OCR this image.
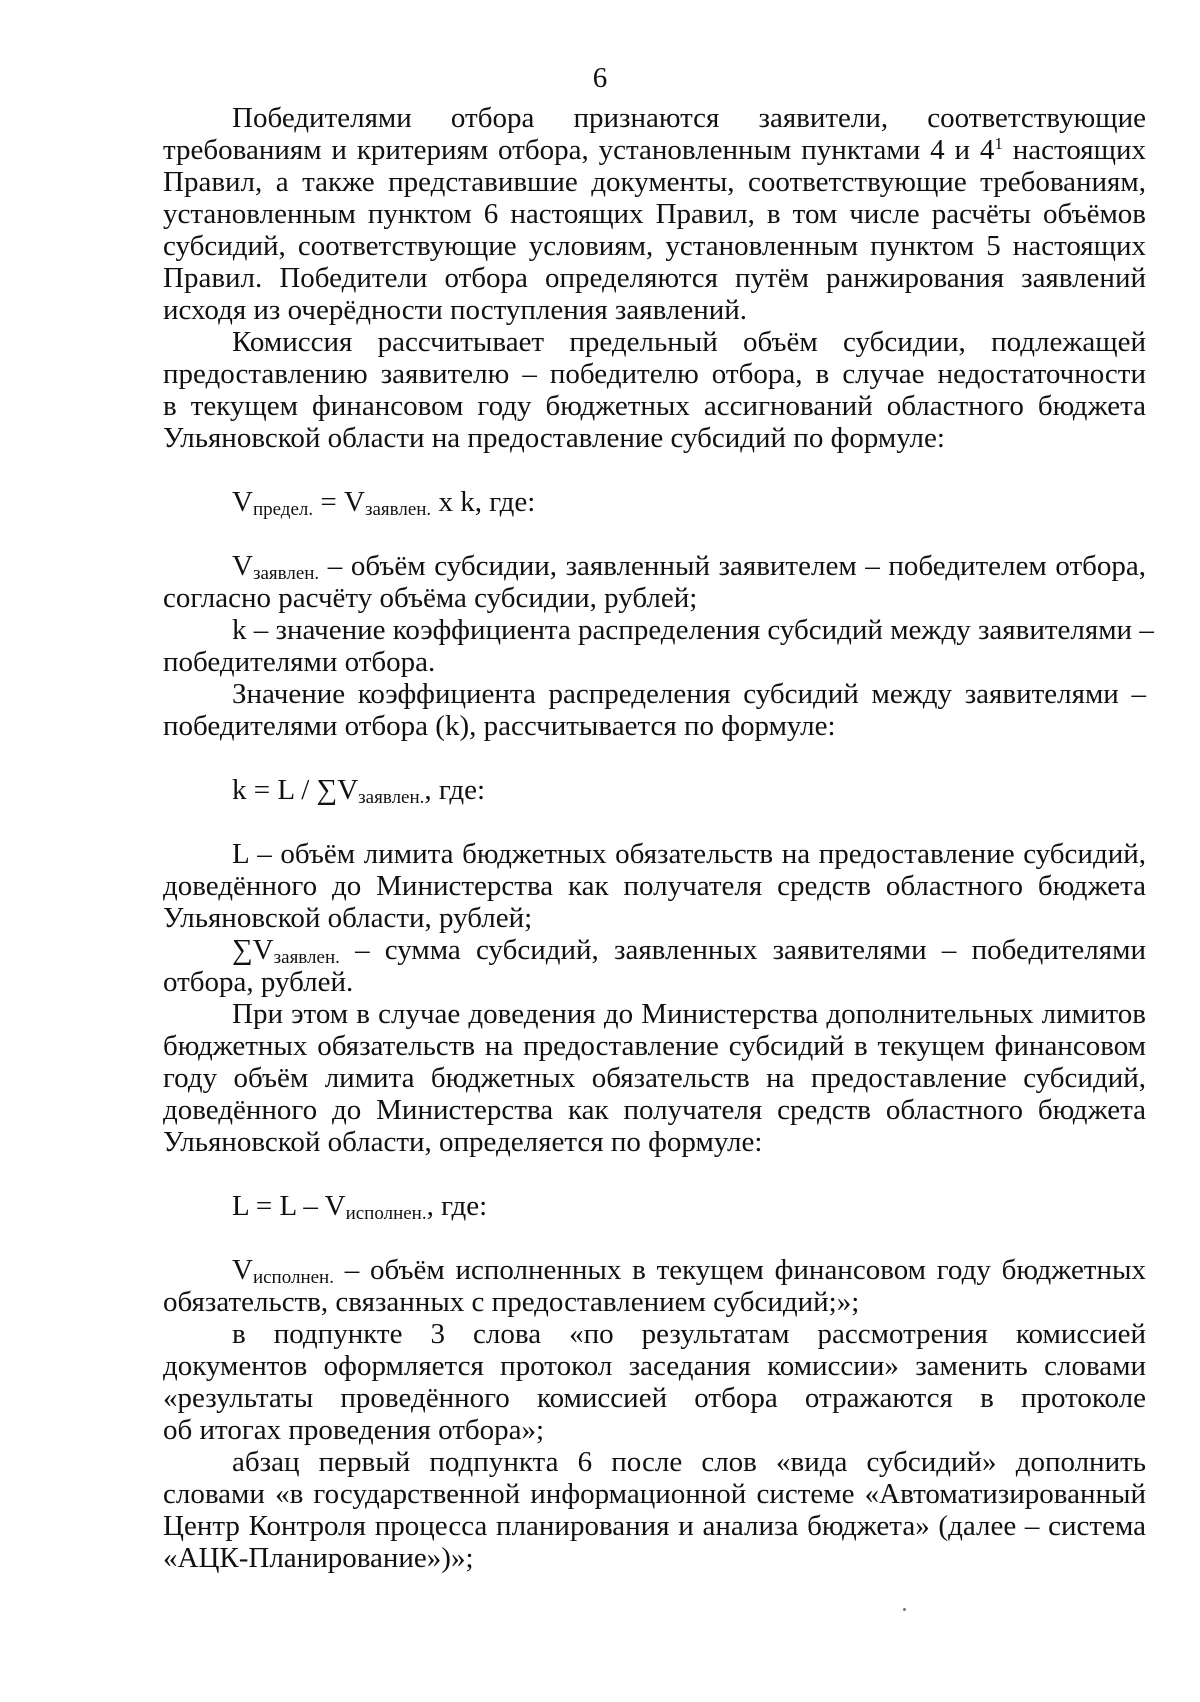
6
Победителями отбора признаются заявители, соответствующие
требованиям и критериям отбора, установленным пунктами 4 и $4^1$ настоящих
Правил, а также представившие документы, соответствующие требованиям,
установленным пунктом 6 настоящих Правил, в том числе расчёты объёмов
субсидий, соответствующие условиям, установленным пунктом 5 настоящих
Правил. Победители отбора определяются путём ранжирования заявлений
исходя из очерёдности поступления заявлений.
Комиссия рассчитывает предельный объём субсидии, подлежащей
предоставлению заявителю – победителю отбора, в случае недостаточности
в текущем финансовом году бюджетных ассигнований областного бюджета
Ульяновской области на предоставление субсидий по формуле:
$V_{предел.} = V_{заявлен.}$ x k, где:
$V_{заявлен.}$ – объём субсидии, заявленный заявителем – победителем отбора,
согласно расчёту объёма субсидии, рублей;
k – значение коэффициента распределения субсидий между заявителями –
победителями отбора.
Значение коэффициента распределения субсидий между заявителями –
победителями отбора (k), рассчитывается по формуле:
$k = L / \sum V_{заявлен.}$, где:
L – объём лимита бюджетных обязательств на предоставление субсидий,
доведённого до Министерства как получателя средств областного бюджета
Ульяновской области, рублей;
$\sum V_{заявлен.}$ – сумма субсидий, заявленных заявителями – победителями
отбора, рублей.
При этом в случае доведения до Министерства дополнительных лимитов
бюджетных обязательств на предоставление субсидий в текущем финансовом
году объём лимита бюджетных обязательств на предоставление субсидий,
доведённого до Министерства как получателя средств областного бюджета
Ульяновской области, определяется по формуле:
$L = L - V_{исполнен.}$, где:
$V_{исполнен.}$ – объём исполненных в текущем финансовом году бюджетных
обязательств, связанных с предоставлением субсидий;»;
в подпункте 3 слова «по результатам рассмотрения комиссией
документов оформляется протокол заседания комиссии» заменить словами
«результаты проведённого комиссией отбора отражаются в протоколе
об итогах проведения отбора»;
абзац первый подпункта 6 после слов «вида субсидий» дополнить
словами «в государственной информационной системе «Автоматизированный
Центр Контроля процесса планирования и анализа бюджета» (далее – система
«АЦК-Планирование»)»;
